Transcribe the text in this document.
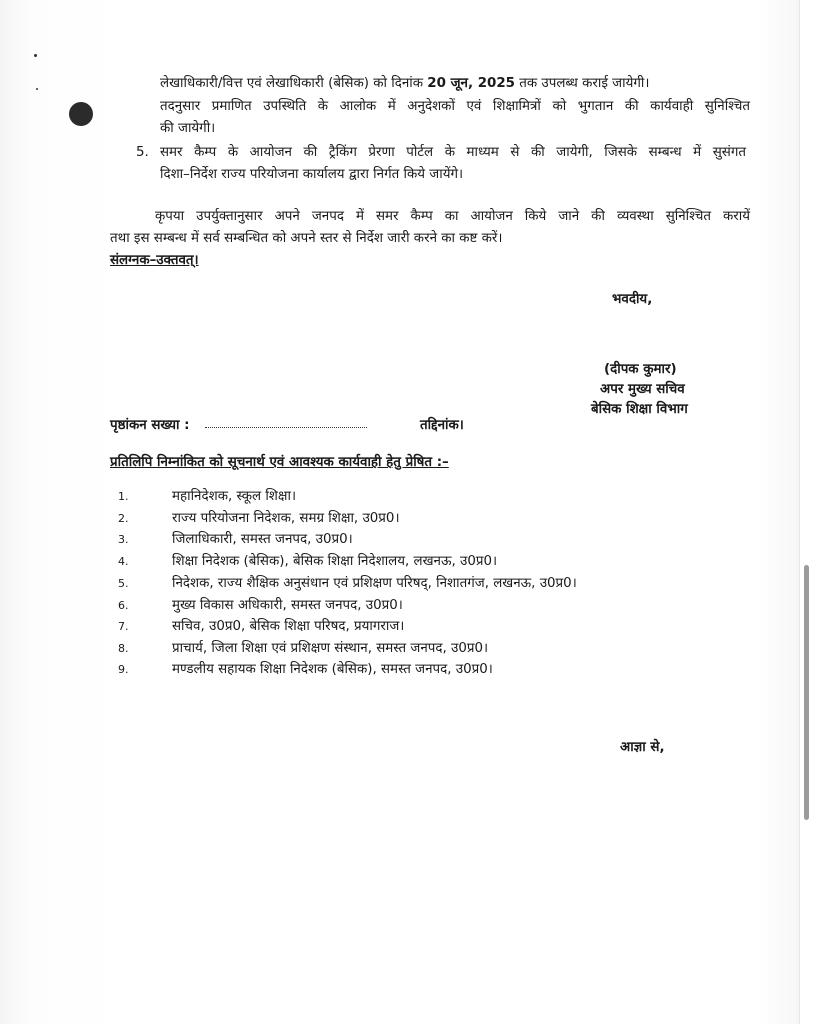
लेखाधिकारी/वित्त एवं लेखाधिकारी (बेसिक) को दिनांक 20 जून, 2025 तक उपलब्ध कराई जायेगी।
तदनुसार प्रमाणित उपस्थिति के आलोक में अनुदेशकों एवं शिक्षामित्रों को भुगतान की कार्यवाही सुनिश्चित
की जायेगी।
5. समर कैम्प के आयोजन की ट्रैकिंग प्रेरणा पोर्टल के माध्यम से की जायेगी, जिसके सम्बन्ध में सुसंगत
दिशा–निर्देश राज्य परियोजना कार्यालय द्वारा निर्गत किये जायेंगे।
कृपया उपर्युक्तानुसार अपने जनपद में समर कैम्प का आयोजन किये जाने की व्यवस्था सुनिश्चित करायें
तथा इस सम्बन्ध में सर्व सम्बन्धित को अपने स्तर से निर्देश जारी करने का कष्ट करें।
संलग्नक–उक्तवत्।
भवदीय,
(दीपक कुमार)
अपर मुख्य सचिव
बेसिक शिक्षा विभाग
पृष्ठांकन सख्या :	तद्दिनांक।
प्रतिलिपि निम्नांकित को सूचनार्थ एवं आवश्यक कार्यवाही हेतु प्रेषित :–
1.	महानिदेशक, स्कूल शिक्षा।
2.	राज्य परियोजना निदेशक, समग्र शिक्षा, उ0प्र0।
3.	जिलाधिकारी, समस्त जनपद, उ0प्र0।
4.	शिक्षा निदेशक (बेसिक), बेसिक शिक्षा निदेशालय, लखनऊ, उ0प्र0।
5.	निदेशक, राज्य शैक्षिक अनुसंधान एवं प्रशिक्षण परिषद्, निशातगंज, लखनऊ, उ0प्र0।
6.	मुख्य विकास अधिकारी, समस्त जनपद, उ0प्र0।
7.	सचिव, उ0प्र0, बेसिक शिक्षा परिषद, प्रयागराज।
8.	प्राचार्य, जिला शिक्षा एवं प्रशिक्षण संस्थान, समस्त जनपद, उ0प्र0।
9.	मण्डलीय सहायक शिक्षा निदेशक (बेसिक), समस्त जनपद, उ0प्र0।
आज्ञा से,
